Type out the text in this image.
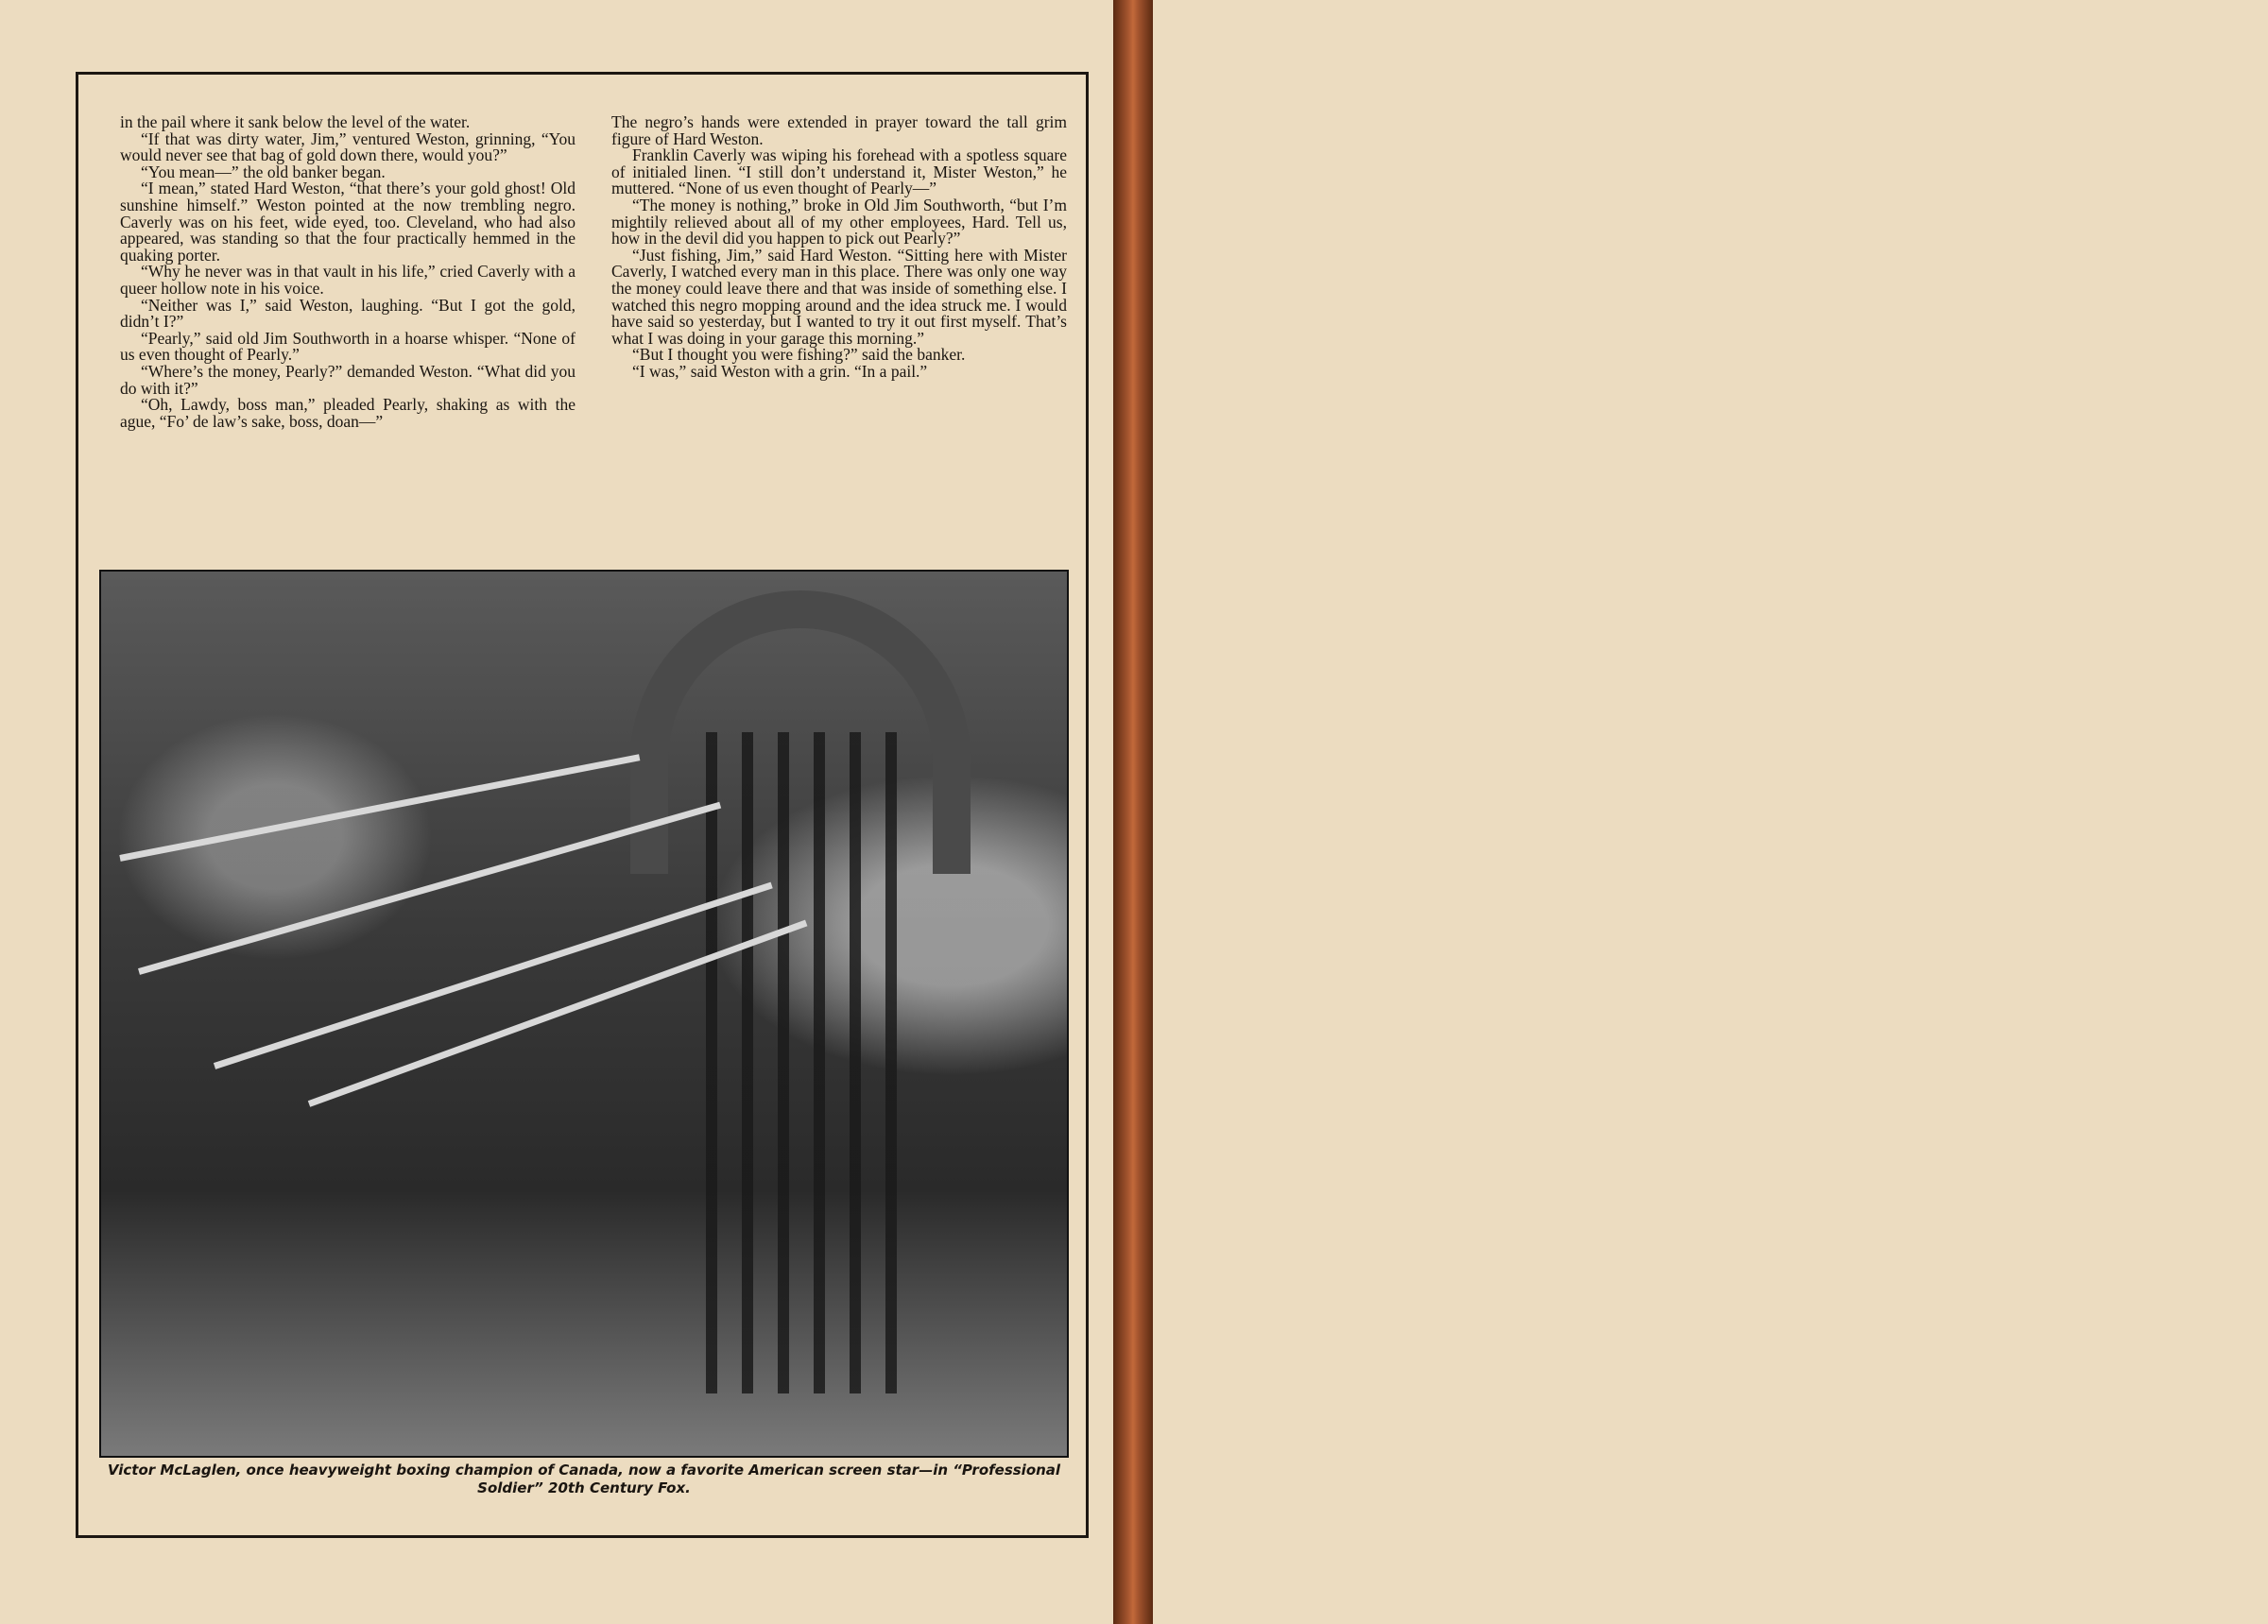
in the pail where it sank below the level of the water.

“If that was dirty water, Jim,” ventured Weston, grinning, “You would never see that bag of gold down there, would you?”

“You mean—” the old banker began.

“I mean,” stated Hard Weston, “that there’s your gold ghost! Old sunshine himself.” Weston pointed at the now trembling negro. Caverly was on his feet, wide eyed, too. Cleveland, who had also appeared, was standing so that the four practically hemmed in the quaking porter.

“Why he never was in that vault in his life,” cried Caverly with a queer hollow note in his voice.

“Neither was I,” said Weston, laughing. “But I got the gold, didn’t I?”

“Pearly,” said old Jim Southworth in a hoarse whisper. “None of us even thought of Pearly.”

“Where’s the money, Pearly?” demanded Weston. “What did you do with it?”

“Oh, Lawdy, boss man,” pleaded Pearly, shaking as with the ague, “Fo’ de law’s sake, boss, doan—”

The negro’s hands were extended in prayer toward the tall grim figure of Hard Weston.

Franklin Caverly was wiping his forehead with a spotless square of initialed linen. “I still don’t understand it, Mister Weston,” he muttered. “None of us even thought of Pearly—”

“The money is nothing,” broke in Old Jim Southworth, “but I’m mightily relieved about all of my other employees, Hard. Tell us, how in the devil did you happen to pick out Pearly?”

“Just fishing, Jim,” said Hard Weston. “Sitting here with Mister Caverly, I watched every man in this place. There was only one way the money could leave there and that was inside of something else. I watched this negro mopping around and the idea struck me. I would have said so yesterday, but I wanted to try it out first myself. That’s what I was doing in your garage this morning.”

“But I thought you were fishing?” said the banker.

“I was,” said Weston with a grin. “In a pail.”

Victor McLaglen, once heavyweight boxing champion of Canada, now a favorite American screen star—in “Professional Soldier” 20th Century Fox.
